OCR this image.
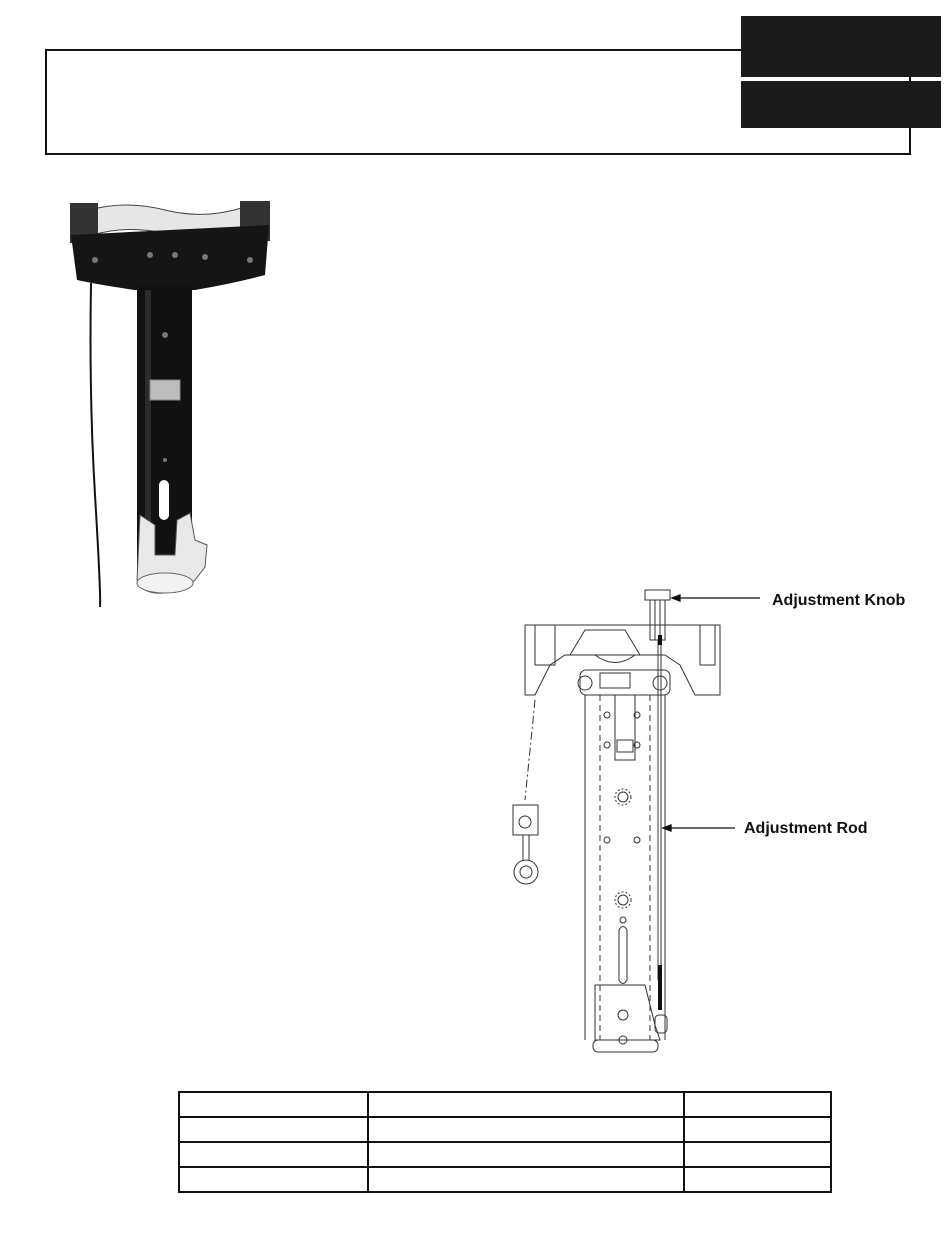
Adjustment Knob
Adjustment Rod
